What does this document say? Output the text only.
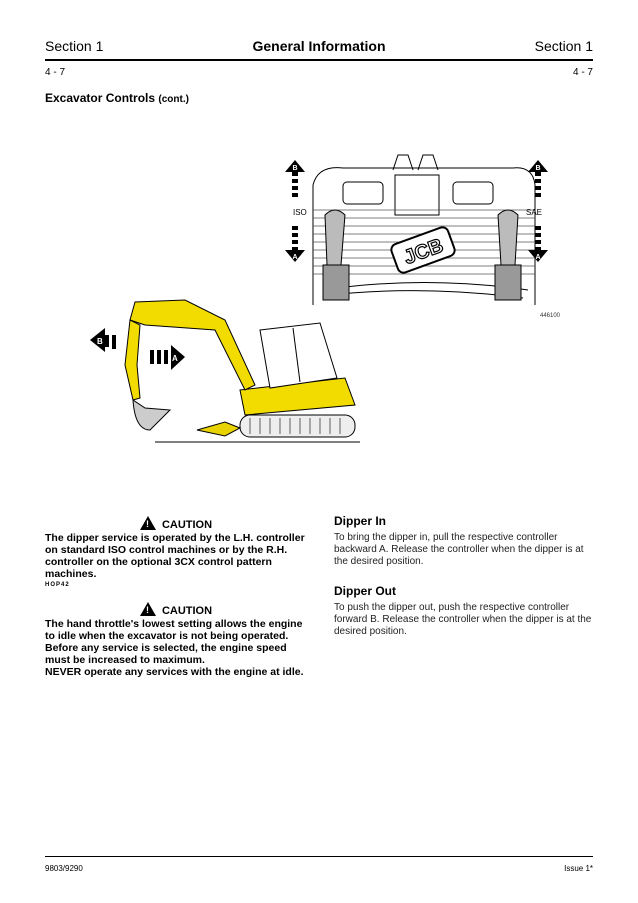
Section 1	General Information	Section 1
4 - 7	4 - 7
Excavator Controls (cont.)
JCB
B
A
ISO
B
A
SAE
446100
B
A
!CAUTION
The dipper service is operated by the L.H. controller
on standard ISO control machines or by the R.H.
controller on the optional 3CX control pattern
machines.
HOP42
!CAUTION
The hand throttle's lowest setting allows the engine
to idle when the excavator is not being operated.
Before any service is selected, the engine speed
must be increased to maximum.
NEVER operate any services with the engine at idle.
Dipper In
To bring the dipper in, pull the respective controller
backward A. Release the controller when the dipper is at
the desired position.
Dipper Out
To push the dipper out, push the respective controller
forward B. Release the controller when the dipper is at the
desired position.
9803/9290	Issue 1*
